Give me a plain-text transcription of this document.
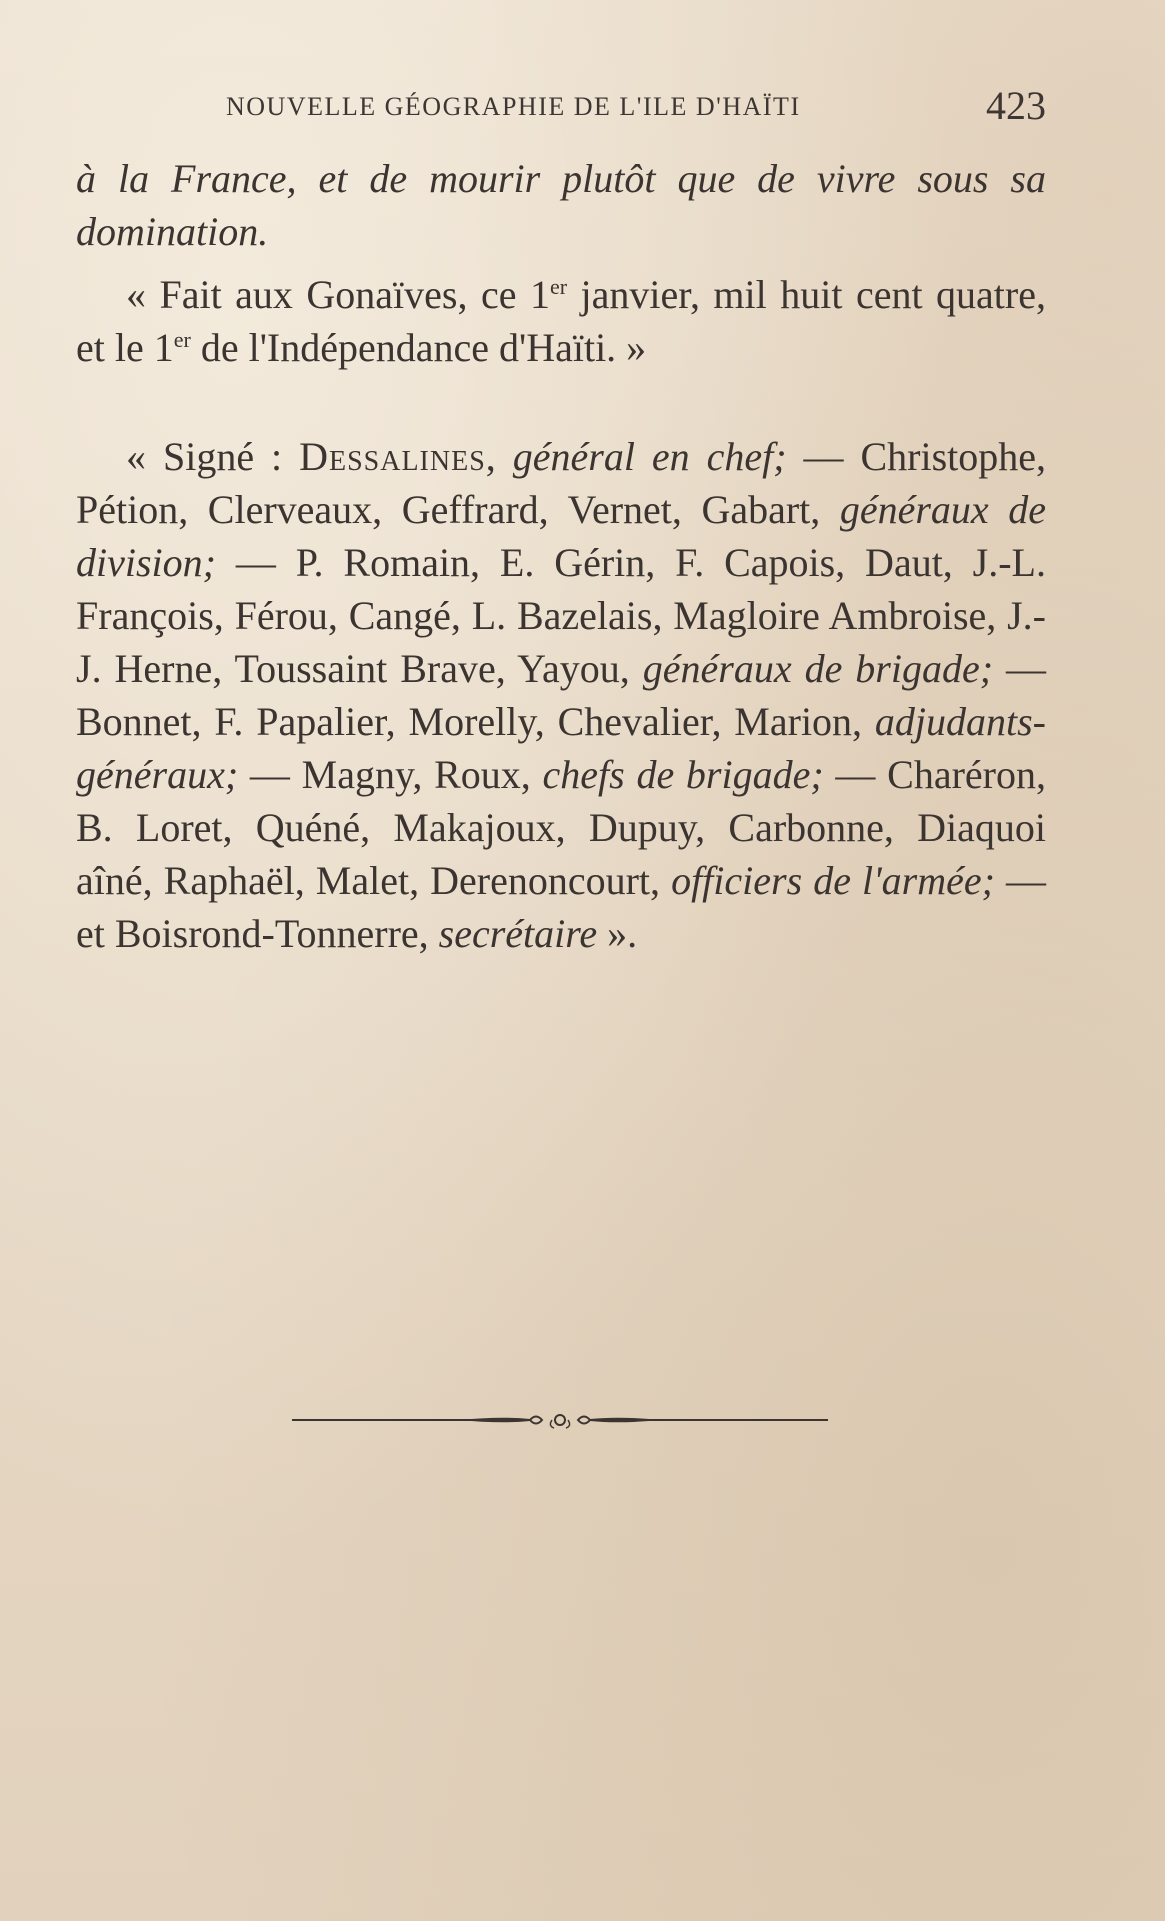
NOUVELLE GÉOGRAPHIE DE L'ILE D'HAÏTI	423

à la France, et de mourir plutôt que de vivre sous sa domination.

« Fait aux Gonaïves, ce 1er janvier, mil huit cent quatre, et le 1er de l'Indépendance d'Haïti. »

« Signé : Dessalines, général en chef; — Christophe, Pétion, Clerveaux, Geffrard, Vernet, Gabart, généraux de division; — P. Romain, E. Gérin, F. Capois, Daut, J.-L. François, Férou, Cangé, L. Bazelais, Magloire Ambroise, J.-J. Herne, Toussaint Brave, Yayou, généraux de brigade; — Bonnet, F. Papalier, Morelly, Chevalier, Marion, adjudants-généraux; — Magny, Roux, chefs de brigade; — Charéron, B. Loret, Quéné, Makajoux, Dupuy, Carbonne, Diaquoi aîné, Raphaël, Malet, Derenoncourt, officiers de l'armée; — et Boisrond-Tonnerre, secrétaire ».
